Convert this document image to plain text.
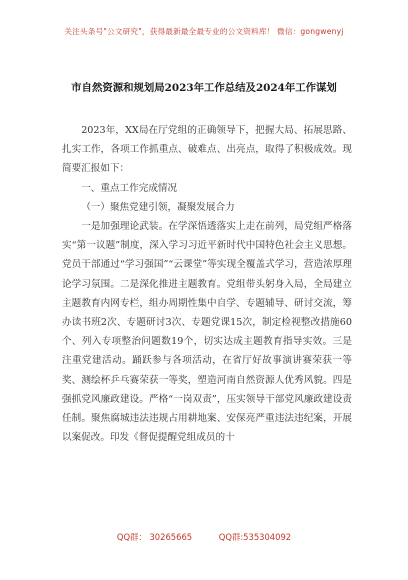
关注头条号"公文研究"，获得最新最全最专业的公文资料库！ 微信：gongwenyj
市自然资源和规划局2023年工作总结及2024年工作谋划

2023年，XX局在厅党组的正确领导下，把握大局、拓展思路、扎实工作，各项工作抓重点、破难点、出亮点，取得了积极成效。现简要汇报如下：

一、重点工作完成情况

（一）聚焦党建引领，凝聚发展合力

一是加强理论武装。在学深悟透落实上走在前列，局党组严格落实“第一议题”制度，深入学习习近平新时代中国特色社会主义思想。党员干部通过“学习强国”“云课堂”等实现全覆盖式学习，营造浓厚理论学习氛围。二是深化推进主题教育。党组带头躬身入局，全局建立主题教育内网专栏，组办周期性集中自学、专题辅导、研讨交流，筹办读书班2次、专题研讨3次、专题党课15次，制定检视整改措施60个、列入专项整治问题数19个，切实达成主题教育指导实效。三是注重党建活动。踊跃参与各项活动，在省厅好故事演讲赛荣获一等奖、测绘杯乒乓赛荣获一等奖，塑造河南自然资源人优秀风貌。四是强抓党风廉政建设。严格“一岗双责”，压实领导干部党风廉政建设责任制。聚焦腐城违法违规占用耕地案、安保亮严重违法违纪案，开展以案促改。印发《督促提醒党组成员的十

QQ群： 30265665	QQ群:535304092
